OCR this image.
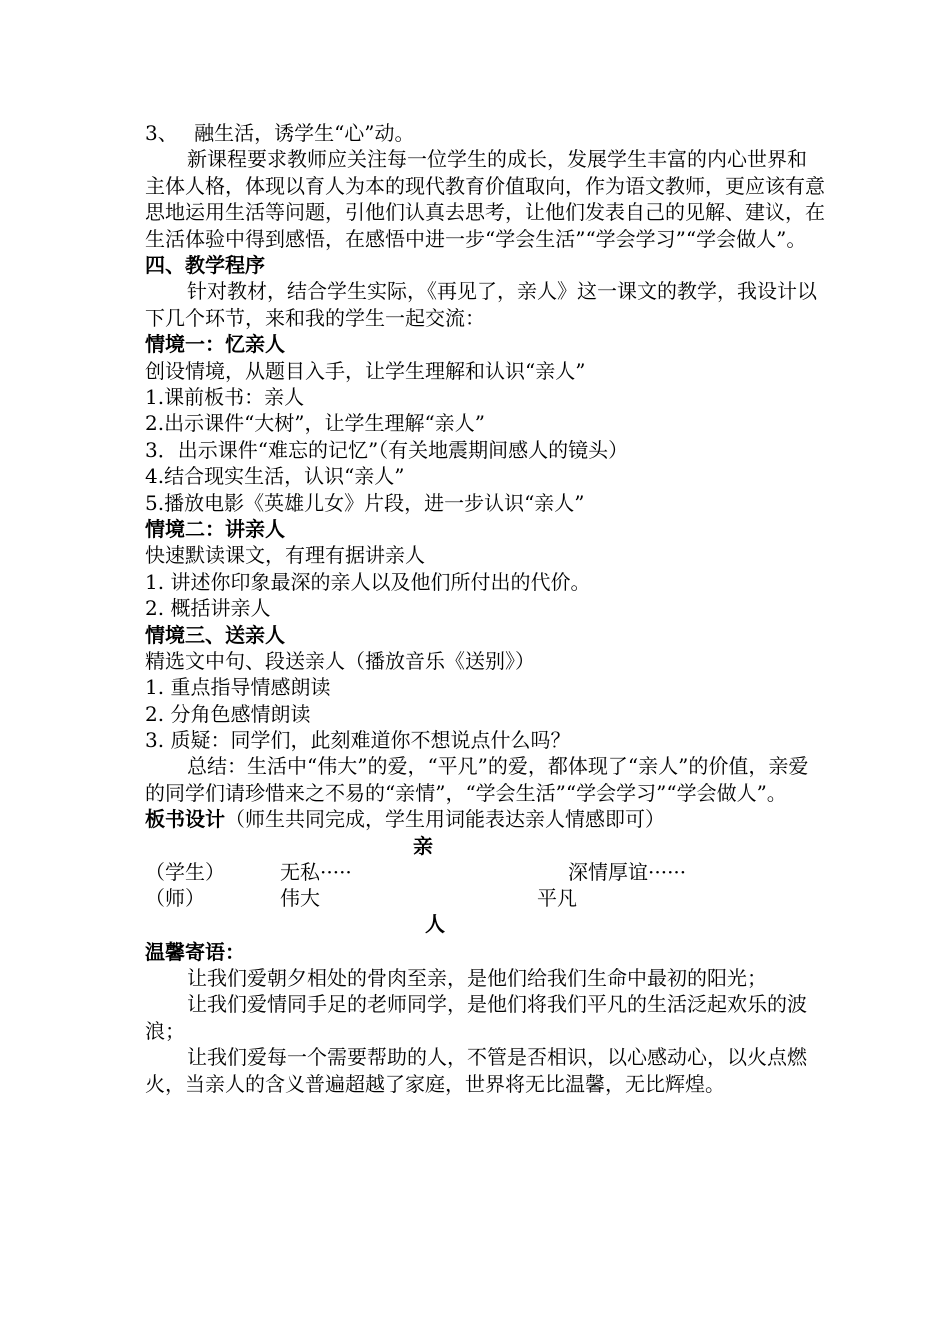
3、　 融生活，诱学生“心”动。
新课程要求教师应关注每一位学生的成长，发展学生丰富的内心世界和主体人格，体现以育人为本的现代教育价值取向，作为语文教师，更应该有意思地运用生活等问题，引他们认真去思考，让他们发表自己的见解、建议，在生活体验中得到感悟，在感悟中进一步“学会生活”“学会学习”“学会做人”。
四、教学程序
针对教材，结合学生实际，《再见了，亲人》这一课文的教学，我设计以下几个环节，来和我的学生一起交流：
情境一：忆亲人
创设情境，从题目入手，让学生理解和认识“亲人”
1.课前板书：亲人
2.出示课件“大树”，让学生理解“亲人”
3．出示课件“难忘的记忆”（有关地震期间感人的镜头）
4.结合现实生活，认识“亲人”
5.播放电影《英雄儿女》片段，进一步认识“亲人”
情境二：讲亲人
快速默读课文，有理有据讲亲人
1. 讲述你印象最深的亲人以及他们所付出的代价。
2. 概括讲亲人
情境三、送亲人
精选文中句、段送亲人（播放音乐《送别》）
1. 重点指导情感朗读
2. 分角色感情朗读
3. 质疑：同学们，此刻难道你不想说点什么吗？
总结：生活中“伟大”的爱，“平凡”的爱，都体现了“亲人”的价值，亲爱的同学们请珍惜来之不易的“亲情”，“学会生活”“学会学习”“学会做人”。
板书设计（师生共同完成，学生用词能表达亲人情感即可）
亲
（学生）	无私·····	深情厚谊······
（师）	伟大	平凡
人
温馨寄语：
让我们爱朝夕相处的骨肉至亲，是他们给我们生命中最初的阳光；
让我们爱情同手足的老师同学，是他们将我们平凡的生活泛起欢乐的波浪；
让我们爱每一个需要帮助的人，不管是否相识，以心感动心，以火点燃火，当亲人的含义普遍超越了家庭，世界将无比温馨，无比辉煌。
